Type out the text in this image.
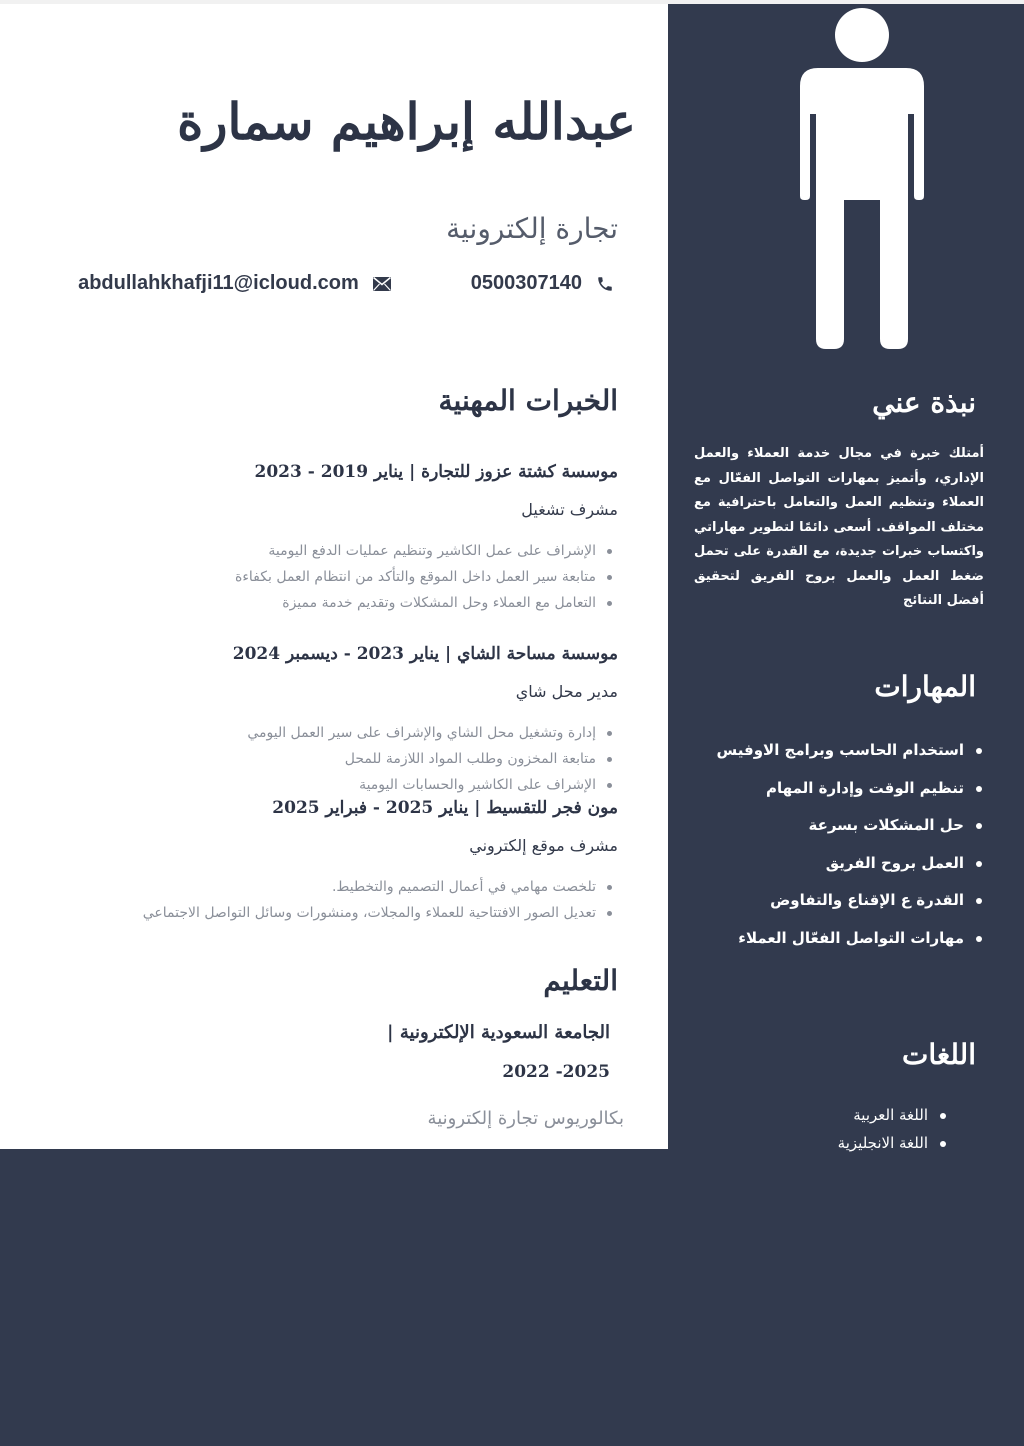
عبدالله إبراهيم سمارة
تجارة إلكترونية
0500307140
abdullahkhafji11@icloud.com
الخبرات المهنية
موسسة كشتة عزوز للتجارة | يناير 2019 - 2023
مشرف تشغيل
الإشراف على عمل الكاشير وتنظيم عمليات الدفع اليومية
متابعة سير العمل داخل الموقع والتأكد من انتظام العمل بكفاءة
التعامل مع العملاء وحل المشكلات وتقديم خدمة مميزة
موسسة مساحة الشاي | يناير 2023 - ديسمبر 2024
مدير محل شاي
إدارة وتشغيل محل الشاي والإشراف على سير العمل اليومي
متابعة المخزون وطلب المواد اللازمة للمحل
الإشراف على الكاشير والحسابات اليومية
مون فجر للتقسيط | يناير 2025 - فبراير 2025
مشرف موقع إلكتروني
تلخصت مهامي في أعمال التصميم والتخطيط.
تعديل الصور الافتتاحية للعملاء والمجلات، ومنشورات وسائل التواصل الاجتماعي
التعليم
الجامعة السعودية الإلكترونية |
2025- 2022
بكالوريوس تجارة إلكترونية
نبذة عني
أمتلك خبرة في مجال خدمة العملاء والعمل الإداري، وأتميز بمهارات التواصل الفعّال مع العملاء وتنظيم العمل والتعامل باحترافية مع مختلف المواقف. أسعى دائمًا لتطوير مهاراتي واكتساب خبرات جديدة، مع القدرة على تحمل ضغط العمل والعمل بروح الفريق لتحقيق أفضل النتائج
المهارات
استخدام الحاسب وبرامج الاوفيس
تنظيم الوقت وإدارة المهام
حل المشكلات بسرعة
العمل بروح الفريق
القدرة ع الإقناع والتفاوض
مهارات التواصل الفعّال العملاء
اللغات
اللغة العربية
اللغة الانجليزية
